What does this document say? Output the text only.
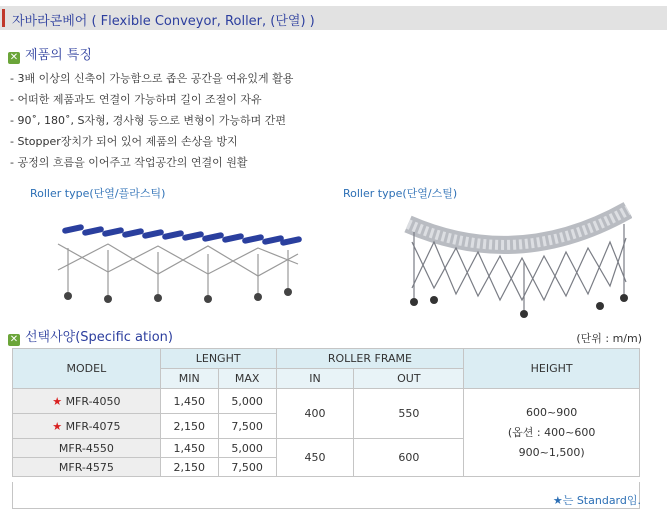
자바라콘베어 ( Flexible Conveyor, Roller, (단열) )
✕ 제품의 특징
- 3배 이상의 신축이 가능함으로 좁은 공간을 여유있게 활용
- 어떠한 제품과도 연결이 가능하며 길이 조절이 자유
- 90˚, 180˚, S자형, 경사형 등으로 변형이 가능하며 간편
- Stopper장치가 되어 있어 제품의 손상을 방지
- 공정의 흐름을 이어주고 작업공간의 연결이 원활
Roller type(단열/플라스틱)	Roller type(단열/스틸)
✕ 선택사양(Specific ation)	(단위 : m/m)
MODEL	LENGHT		ROLLER FRAME		HEIGHT
	MIN	MAX	IN	OUT	
★ MFR-4050	1,450	5,000	400	550	600~900
(옵션 : 400~600
900~1,500)

★ MFR-4075	2,150	7,500			
MFR-4550	1,450	5,000	450	600	
MFR-4575	2,150	7,500			
★는 Standard임.
